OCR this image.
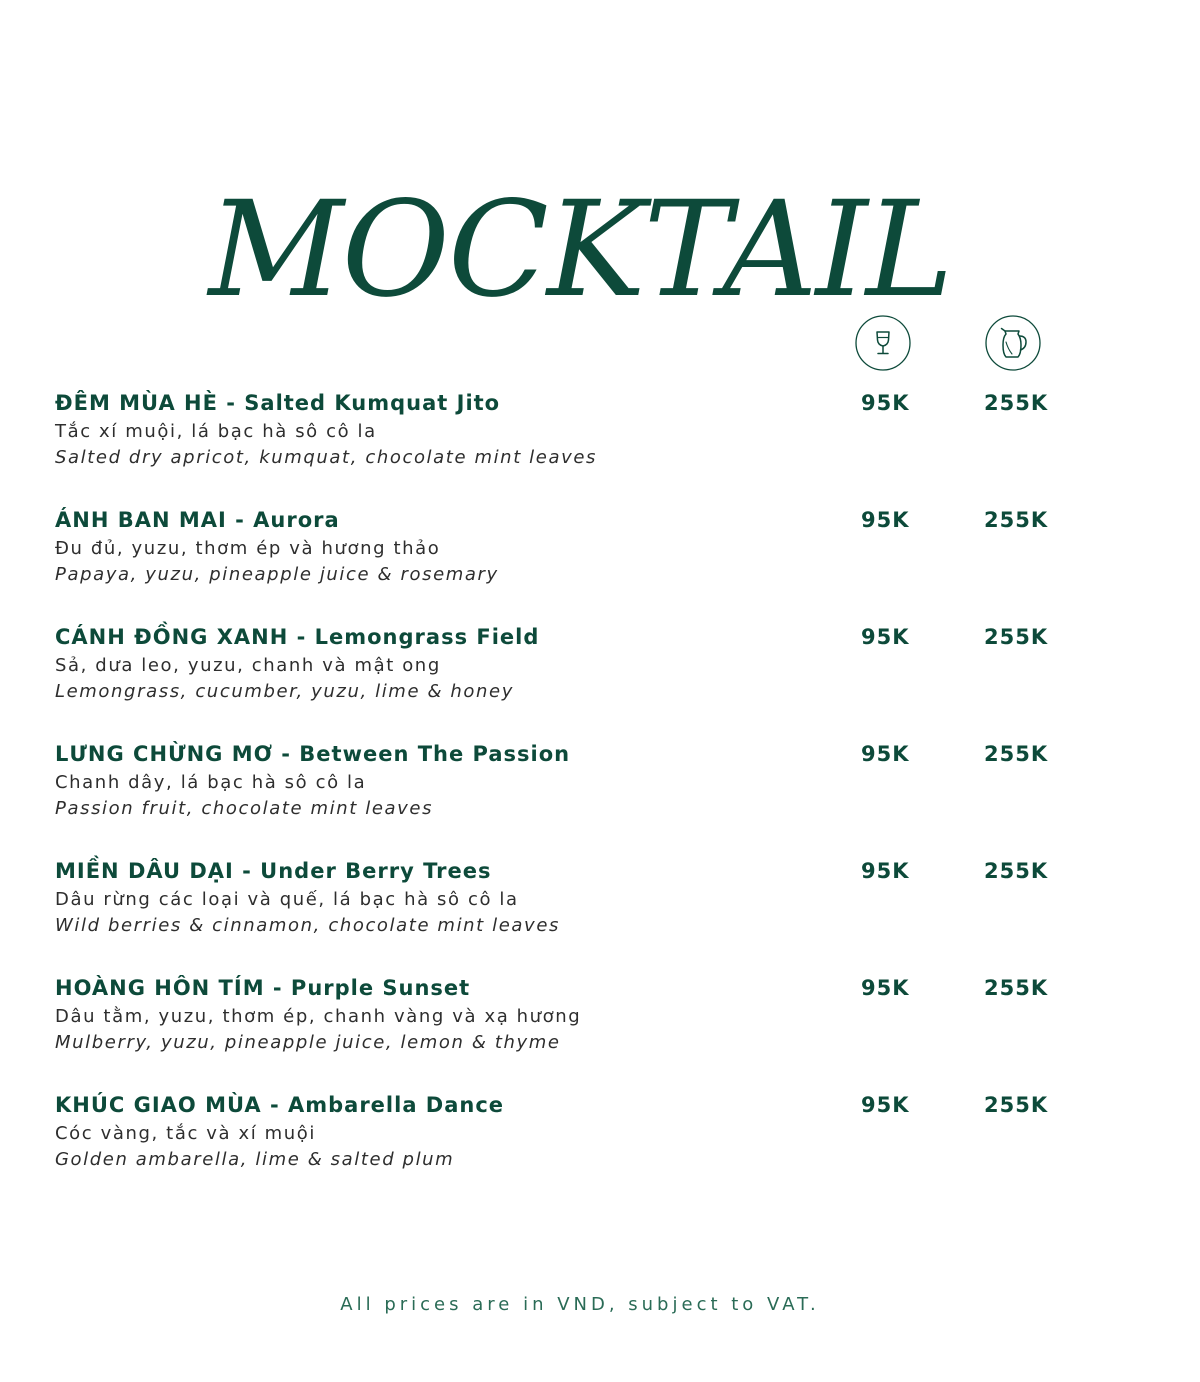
MOCKTAIL
ĐÊM MÙA HÈ - Salted Kumquat Jito
Tắc xí muội, lá bạc hà sô cô la
Salted dry apricot, kumquat, chocolate mint leaves
95K	255K
ÁNH BAN MAI - Aurora
Đu đủ, yuzu, thơm ép và hương thảo
Papaya, yuzu, pineapple juice & rosemary
95K	255K
CÁNH ĐỒNG XANH - Lemongrass Field
Sả, dưa leo, yuzu, chanh và mật ong
Lemongrass, cucumber, yuzu, lime & honey
95K	255K
LƯNG CHỪNG MƠ - Between The Passion
Chanh dây, lá bạc hà sô cô la
Passion fruit, chocolate mint leaves
95K	255K
MIỀN DÂU DẠI - Under Berry Trees
Dâu rừng các loại và quế, lá bạc hà sô cô la
Wild berries & cinnamon, chocolate mint leaves
95K	255K
HOÀNG HÔN TÍM - Purple Sunset
Dâu tằm, yuzu, thơm ép, chanh vàng và xạ hương
Mulberry, yuzu, pineapple juice, lemon & thyme
95K	255K
KHÚC GIAO MÙA - Ambarella Dance
Cóc vàng, tắc và xí muội
Golden ambarella, lime & salted plum
95K	255K
All prices are in VND, subject to VAT.
